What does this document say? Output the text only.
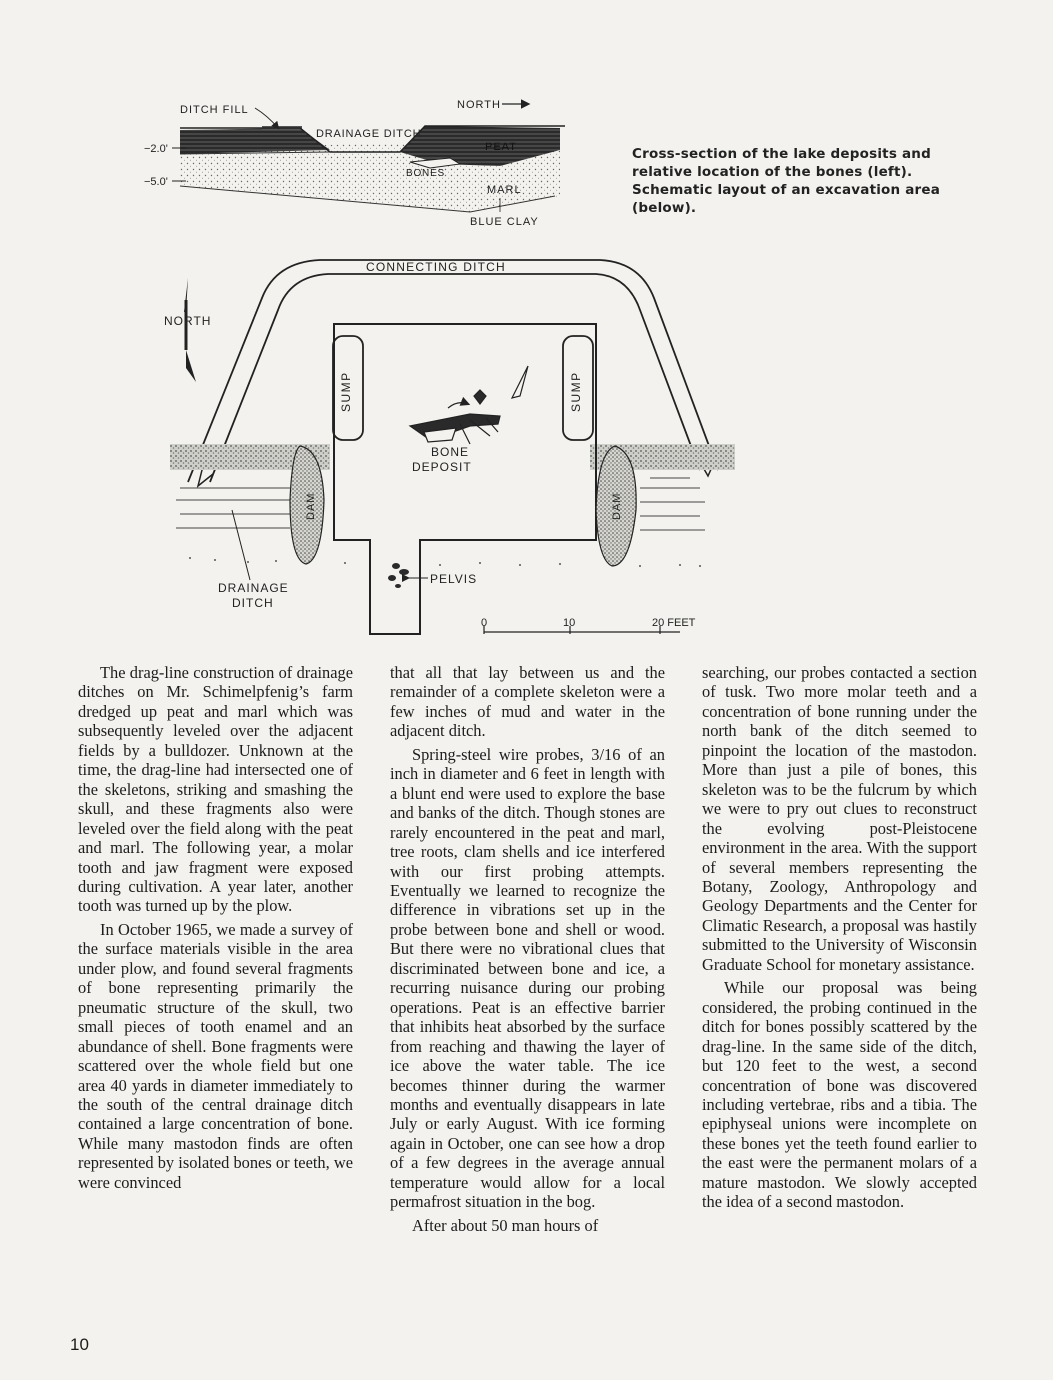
DITCH FILL	NORTH
DRAINAGE DITCH
PEAT
BONES
MARL
BLUE CLAY
−2.0'
−5.0'
SUMP	SUMP
DAM	DAM
BONE
DEPOSIT
PELVIS
CONNECTING DITCH
NORTH
DRAINAGE
DITCH
0	10	20 FEET
Cross-section of the lake deposits and relative location of the bones (left). Schematic layout of an excavation area (below).

The drag-line construction of drainage ditches on Mr. Schimelpfenig’s farm dredged up peat and marl which was subsequently leveled over the adjacent fields by a bulldozer. Unknown at the time, the drag-line had intersected one of the skeletons, striking and smashing the skull, and these fragments also were leveled over the field along with the peat and marl. The following year, a molar tooth and jaw fragment were exposed during cultivation. A year later, another tooth was turned up by the plow.

In October 1965, we made a survey of the surface materials visible in the area under plow, and found several fragments of bone representing primarily the pneumatic structure of the skull, two small pieces of tooth enamel and an abundance of shell. Bone fragments were scattered over the whole field but one area 40 yards in diameter immediately to the south of the central drainage ditch contained a large concentration of bone. While many mastodon finds are often represented by isolated bones or teeth, we were convinced

that all that lay between us and the remainder of a complete skeleton were a few inches of mud and water in the adjacent ditch.

Spring-steel wire probes, 3/16 of an inch in diameter and 6 feet in length with a blunt end were used to explore the base and banks of the ditch. Though stones are rarely encountered in the peat and marl, tree roots, clam shells and ice interfered with our first probing attempts. Eventually we learned to recognize the difference in vibrations set up in the probe between bone and shell or wood. But there were no vibrational clues that discriminated between bone and ice, a recurring nuisance during our probing operations. Peat is an effective barrier that inhibits heat absorbed by the surface from reaching and thawing the layer of ice above the water table. The ice becomes thinner during the warmer months and eventually disappears in late July or early August. With ice forming again in October, one can see how a drop of a few degrees in the average annual temperature would allow for a local permafrost situation in the bog.

After about 50 man hours of

searching, our probes contacted a section of tusk. Two more molar teeth and a concentration of bone running under the north bank of the ditch seemed to pinpoint the location of the mastodon. More than just a pile of bones, this skeleton was to be the fulcrum by which we were to pry out clues to reconstruct the evolving post-Pleistocene environment in the area. With the support of several members representing the Botany, Zoology, Anthropology and Geology Departments and the Center for Climatic Research, a proposal was hastily submitted to the University of Wisconsin Graduate School for monetary assistance.

While our proposal was being considered, the probing continued in the ditch for bones possibly scattered by the drag-line. In the same side of the ditch, but 120 feet to the west, a second concentration of bone was discovered including vertebrae, ribs and a tibia. The epiphyseal unions were incomplete on these bones yet the teeth found earlier to the east were the permanent molars of a mature mastodon. We slowly accepted the idea of a second mastodon.

10
